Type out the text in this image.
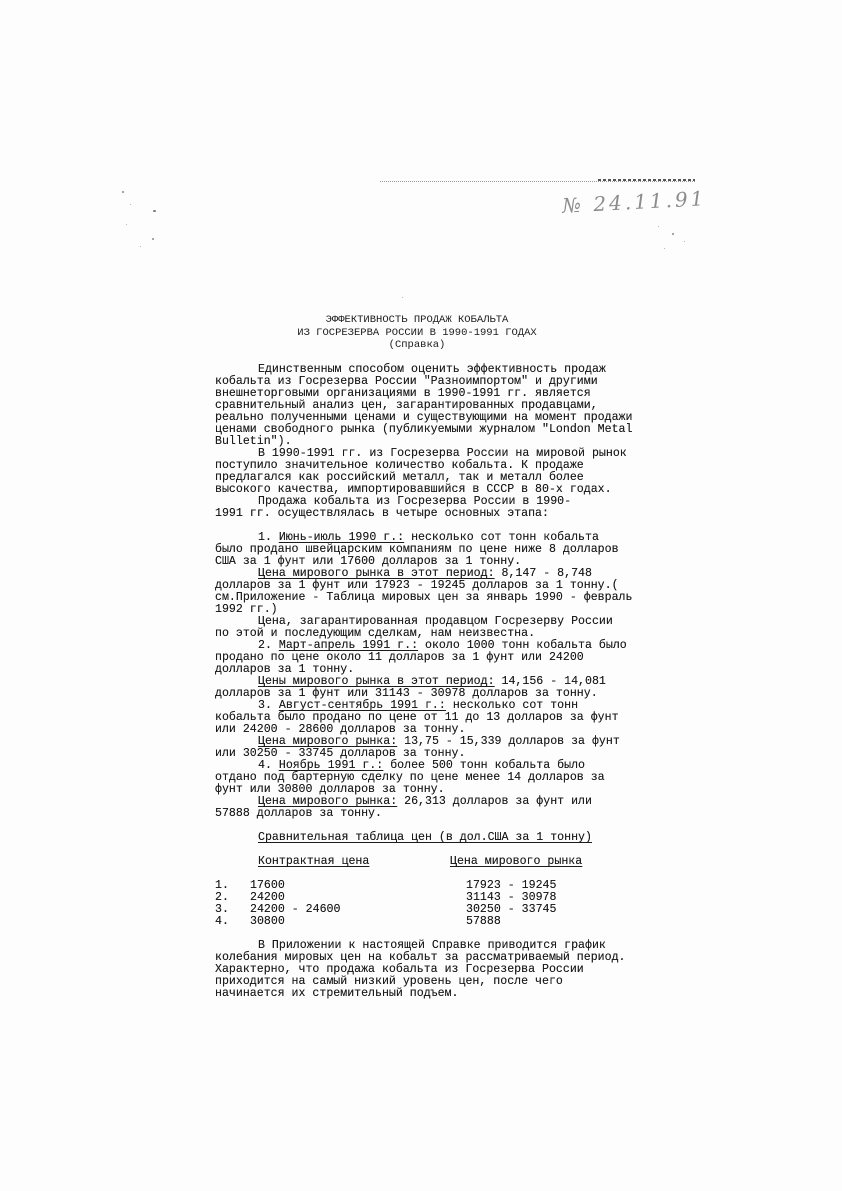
№ 24.11.91
ЭФФЕКТИВНОСТЬ ПРОДАЖ КОБАЛЬТА
ИЗ ГОСРЕЗЕРВА РОССИИ В 1990-1991 ГОДАХ
(Справка)
Единственным способом оценить эффективность продаж
кобальта из Госрезерва России "Разноимпортом" и другими
внешнеторговыми организациями в 1990-1991 гг. является
сравнительный анализ цен, загарантированных продавцами,
реально полученными ценами и существующими на момент продажи
ценами свободного рынка (публикуемыми журналом "London Metal
Bulletin").
В 1990-1991 гг. из Госрезерва России на мировой рынок
поступило значительное количество кобальта. К продаже
предлагался как российский металл, так и металл более
высокого качества, импортировавшийся в СССР в 80-х годах.
Продажа кобальта из Госрезерва России в 1990-
1991 гг. осуществлялась в четыре основных этапа:
1. Июнь-июль 1990 г.: несколько сот тонн кобальта
было продано швейцарским компаниям по цене ниже 8 долларов
США за 1 фунт или 17600 долларов за 1 тонну.
Цена мирового рынка в этот период: 8,147 - 8,748
долларов за 1 фунт или 17923 - 19245 долларов за 1 тонну.(
см.Приложение - Таблица мировых цен за январь 1990 - февраль
1992 гг.)
Цена, загарантированная продавцом Госрезерву России
по этой и последующим сделкам, нам неизвестна.
2. Март-апрель 1991 г.: около 1000 тонн кобальта было
продано по цене около 11 долларов за 1 фунт или 24200
долларов за 1 тонну.
Цены мирового рынка в этот период: 14,156 - 14,081
долларов за 1 фунт или 31143 - 30978 долларов за тонну.
3. Август-сентябрь 1991 г.: несколько сот тонн
кобальта было продано по цене от 11 до 13 долларов за фунт
или 24200 - 28600 долларов за тонну.
Цена мирового рынка: 13,75 - 15,339 долларов за фунт
или 30250 - 33745 долларов за тонну.
4. Ноябрь 1991 г.: более 500 тонн кобальта было
отдано под бартерную сделку по цене менее 14 долларов за
фунт или 30800 долларов за тонну.
Цена мирового рынка: 26,313 долларов за фунт или
57888 долларов за тонну.
Сравнительная таблица цен (в дол.США за 1 тонну)
Контрактная цена	Цена мирового рынка
1. 17600	17923 - 19245
2. 24200	31143 - 30978
3. 24200 - 24600	30250 - 33745
4. 30800	57888
В Приложении к настоящей Справке приводится график
колебания мировых цен на кобальт за рассматриваемый период.
Характерно, что продажа кобальта из Госрезерва России
приходится на самый низкий уровень цен, после чего
начинается их стремительный подъем.
